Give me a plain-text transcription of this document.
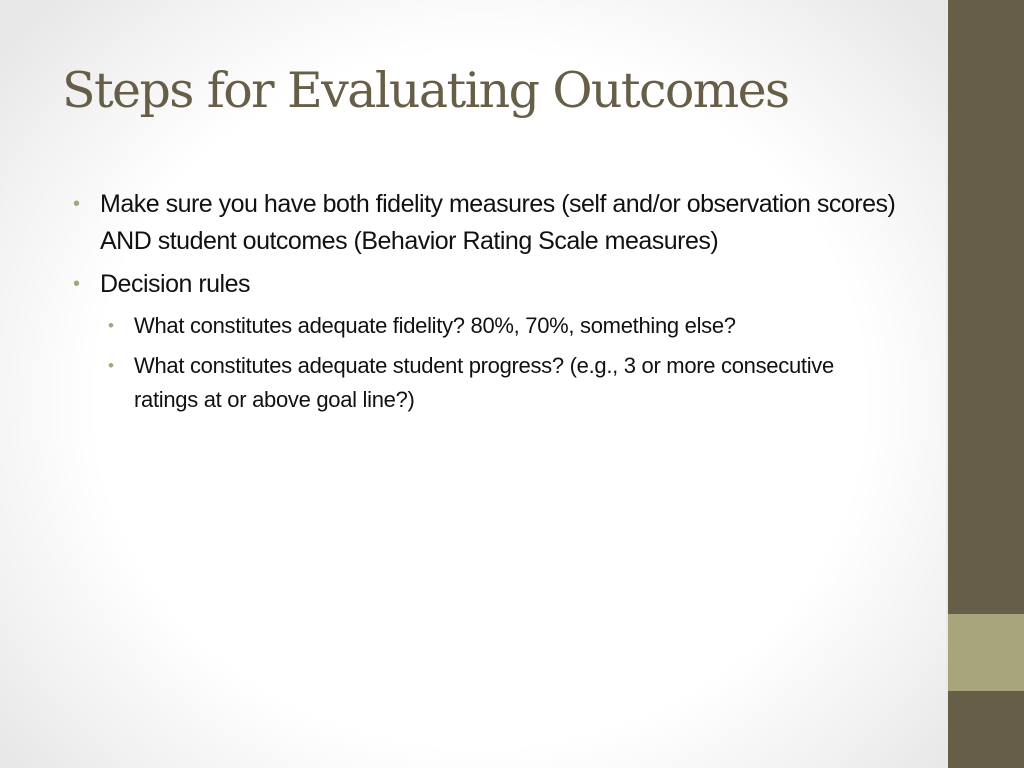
Steps for Evaluating Outcomes
• Make sure you have both fidelity measures (self and/or observation scores) AND student outcomes (Behavior Rating Scale measures)
• Decision rules
• What constitutes adequate fidelity? 80%, 70%, something else?
• What constitutes adequate student progress? (e.g., 3 or more consecutive ratings at or above goal line?)
